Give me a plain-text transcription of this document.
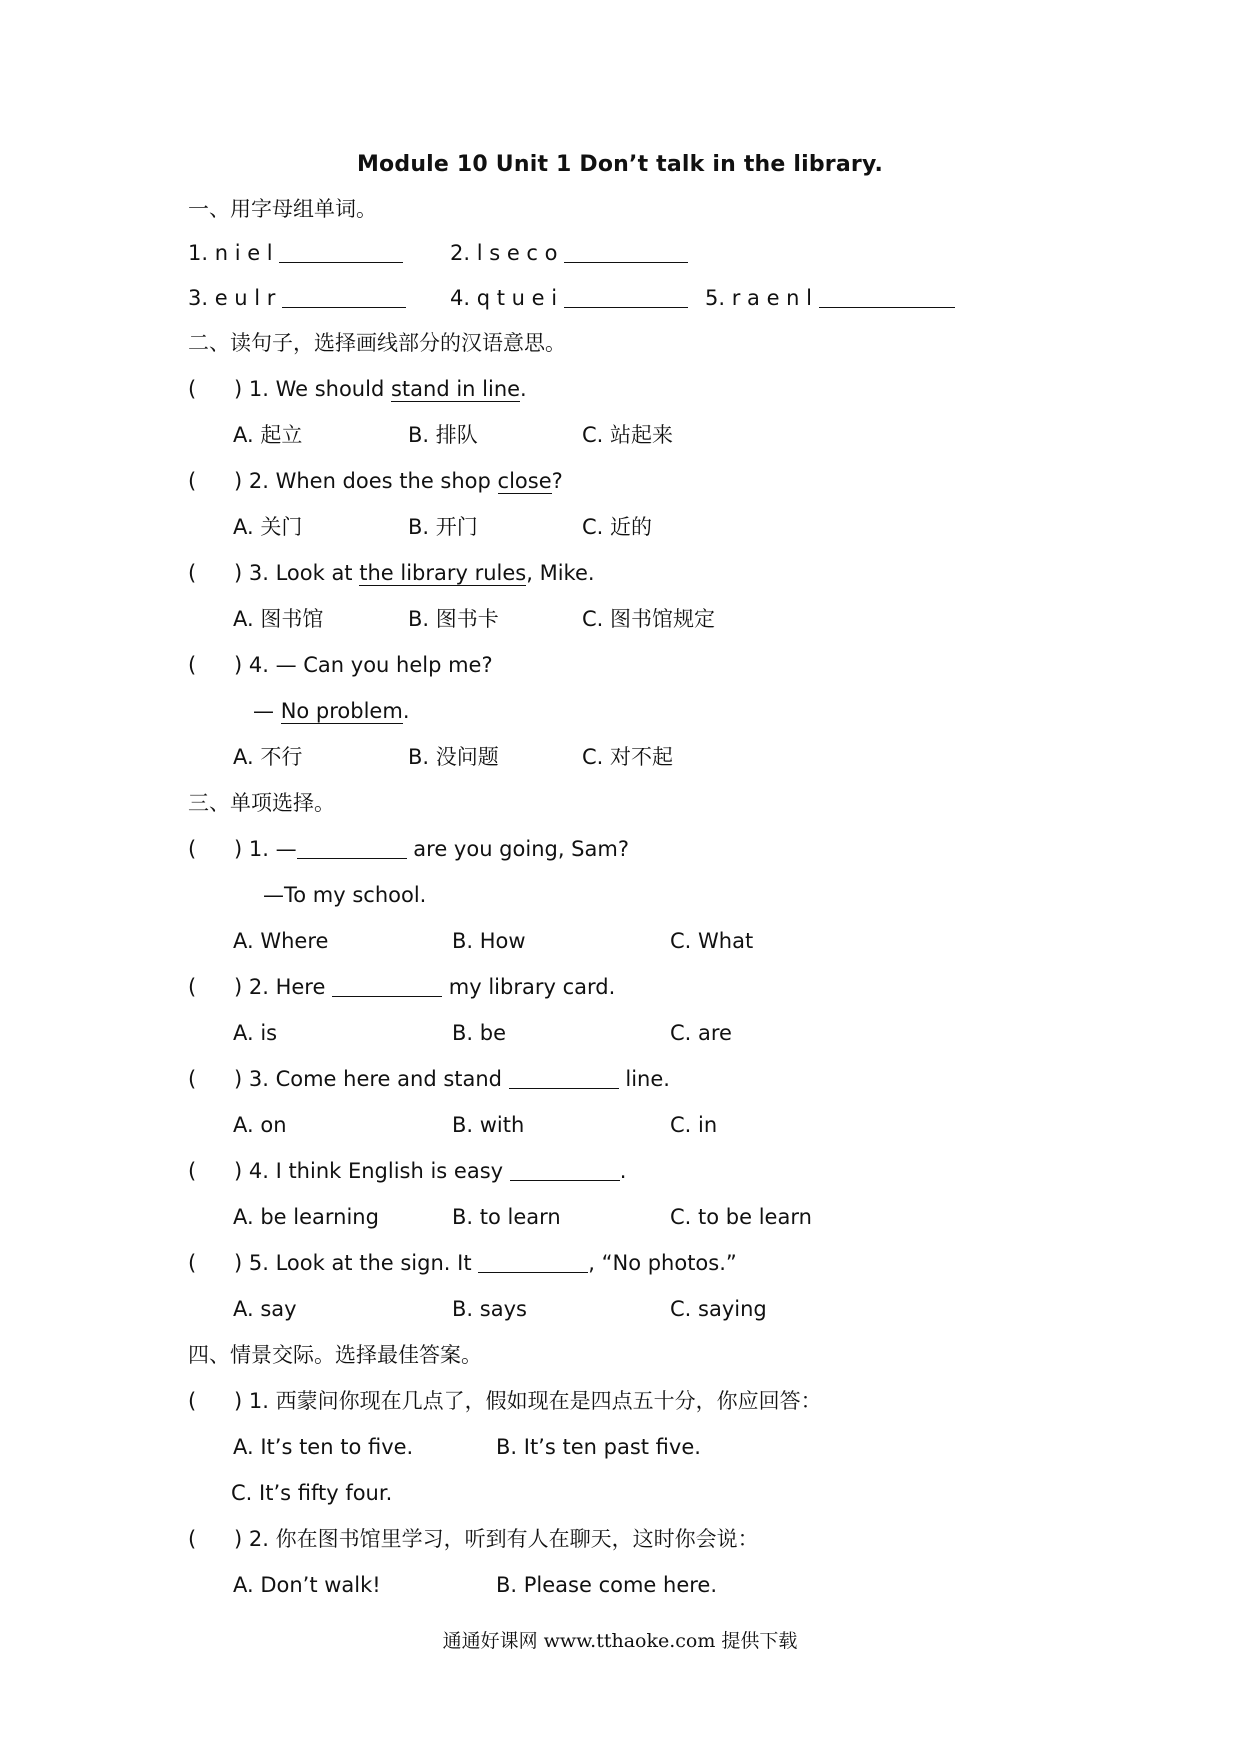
Module 10 Unit 1 Don’t talk in the library.
一、用字母组单词。
1. n i e l	2. l s e c o
3. e u l r	4. q t u e i	5. r a e n l
二、读句子，选择画线部分的汉语意思。
( ) 1. We should stand in line.
A. 起立	B. 排队	C. 站起来
( ) 2. When does the shop close?
A. 关门	B. 开门	C. 近的
( ) 3. Look at the library rules, Mike.
A. 图书馆	B. 图书卡	C. 图书馆规定
( ) 4. — Can you help me?
— No problem.
A. 不行	B. 没问题	C. 对不起
三、单项选择。
( ) 1. —	are you going, Sam?
—To my school.
A. Where	B. How	C. What
( ) 2. Here	my library card.
A. is	B. be	C. are
( ) 3. Come here and stand	line.
A. on	B. with	C. in
( ) 4. I think English is easy	.
A. be learning	B. to learn	C. to be learn
( ) 5. Look at the sign. It	, “No photos.”
A. say	B. says	C. saying
四、情景交际。选择最佳答案。
( ) 1. 西蒙问你现在几点了，假如现在是四点五十分，你应回答：
A. It’s ten to five.	B. It’s ten past five.
C. It’s fifty four.
( ) 2. 你在图书馆里学习，听到有人在聊天，这时你会说：
A. Don’t walk!	B. Please come here.
通通好课网 www.tthaoke.com 提供下载
